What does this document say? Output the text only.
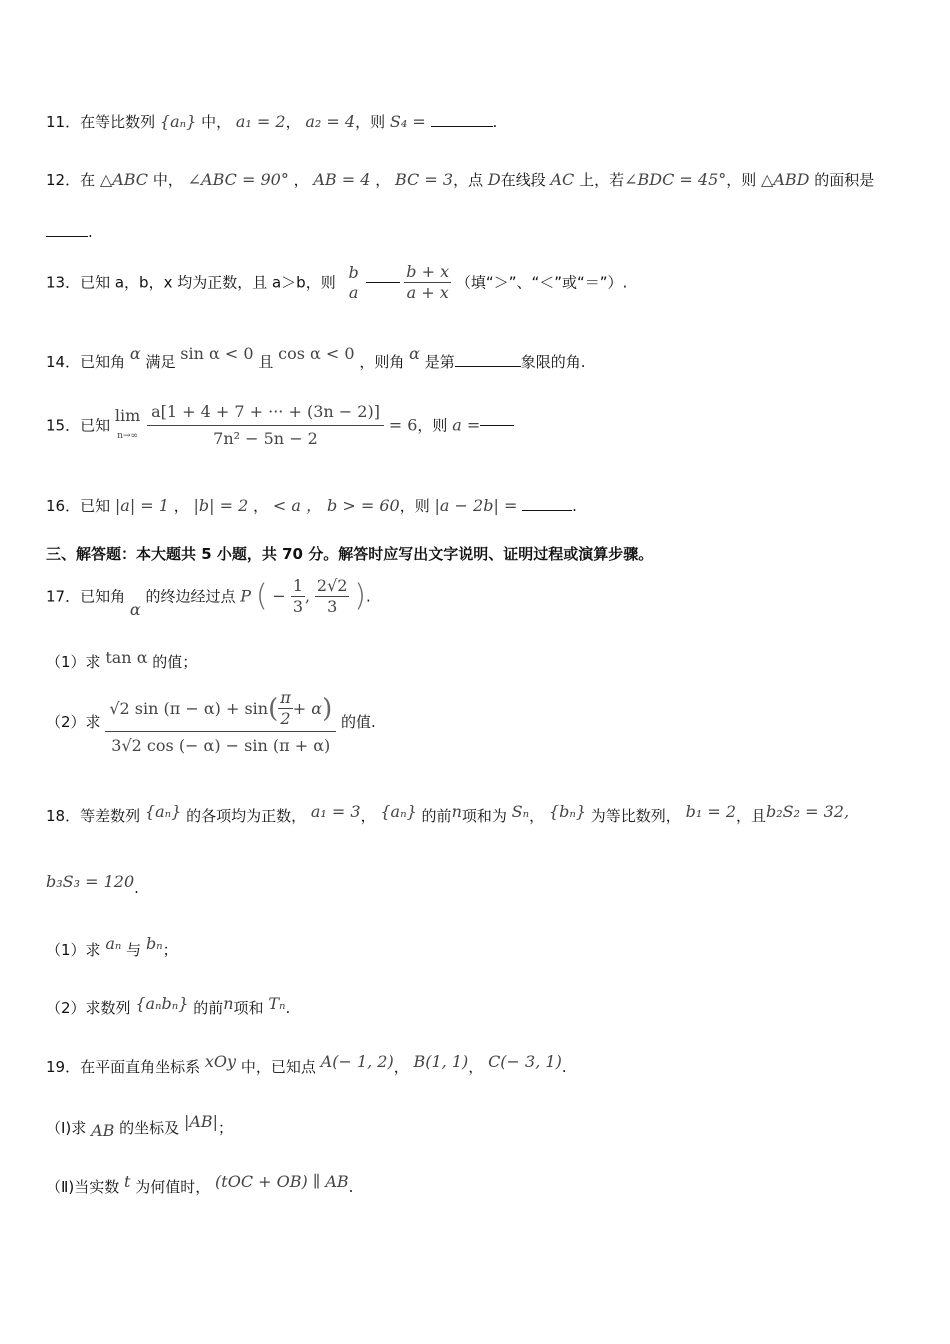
11．在等比数列 {aₙ} 中， a₁ = 2， a₂ = 4，则 S₄ =	.
12．在 △ABC 中， ∠ABC = 90° ， AB = 4 ， BC = 3，点 D在线段 AC 上，若∠BDC = 45°，则 △ABD 的面积是
.
13．已知 a，b，x 均为正数，且 a＞b，则
b
a
	$\frac{b + x}{a + x}$ （填“＞”、“＜”或“＝”）.
14．已知角 α 满足 sin α < 0 且 cos α < 0 ，则角 α 是第	象限的角.
15．已知
lim
n→∞
$\frac{a[1 + 4 + 7 + \cdot\cdot\cdot + (3n - 2)]}{\text{7n² − 5n − 2}} = 6$，则 a =
16．已知 |a| = 1 ， |b| = 2 ， < a ， b > = 60，则 |a − 2b| =	.
三、解答题：本大题共 5 小题，共 70 分。解答时应写出文字说明、证明过程或演算步骤。
17．已知角 α 的终边经过点 P ( − $\frac{1}{3}$ , $\frac{2√2}{3}$ ).
（1）求 tan α 的值；
（2）求
√2 sin (π − α) + sin ( $\frac{\pi}{2} + \alpha$ )
3√2 cos (− α) − sin (π + α)
的值.
18．等差数列 {aₙ} 的各项均为正数， a₁ = 3， {aₙ} 的前n项和为 Sₙ， {bₙ} 为等比数列， b₁ = 2，且b₂S₂ = 32,
b₃S₃ = 120.
（1）求 aₙ 与 bₙ；
（2）求数列 {aₙbₙ} 的前n项和 Tₙ.
19．在平面直角坐标系 xOy 中，已知点 A(− 1, 2)， B(1, 1)， C(− 3, 1).
（Ⅰ)求 AB 的坐标及 |AB|；
（Ⅱ)当实数 t 为何值时， (tOC + OB) ∥ AB.
